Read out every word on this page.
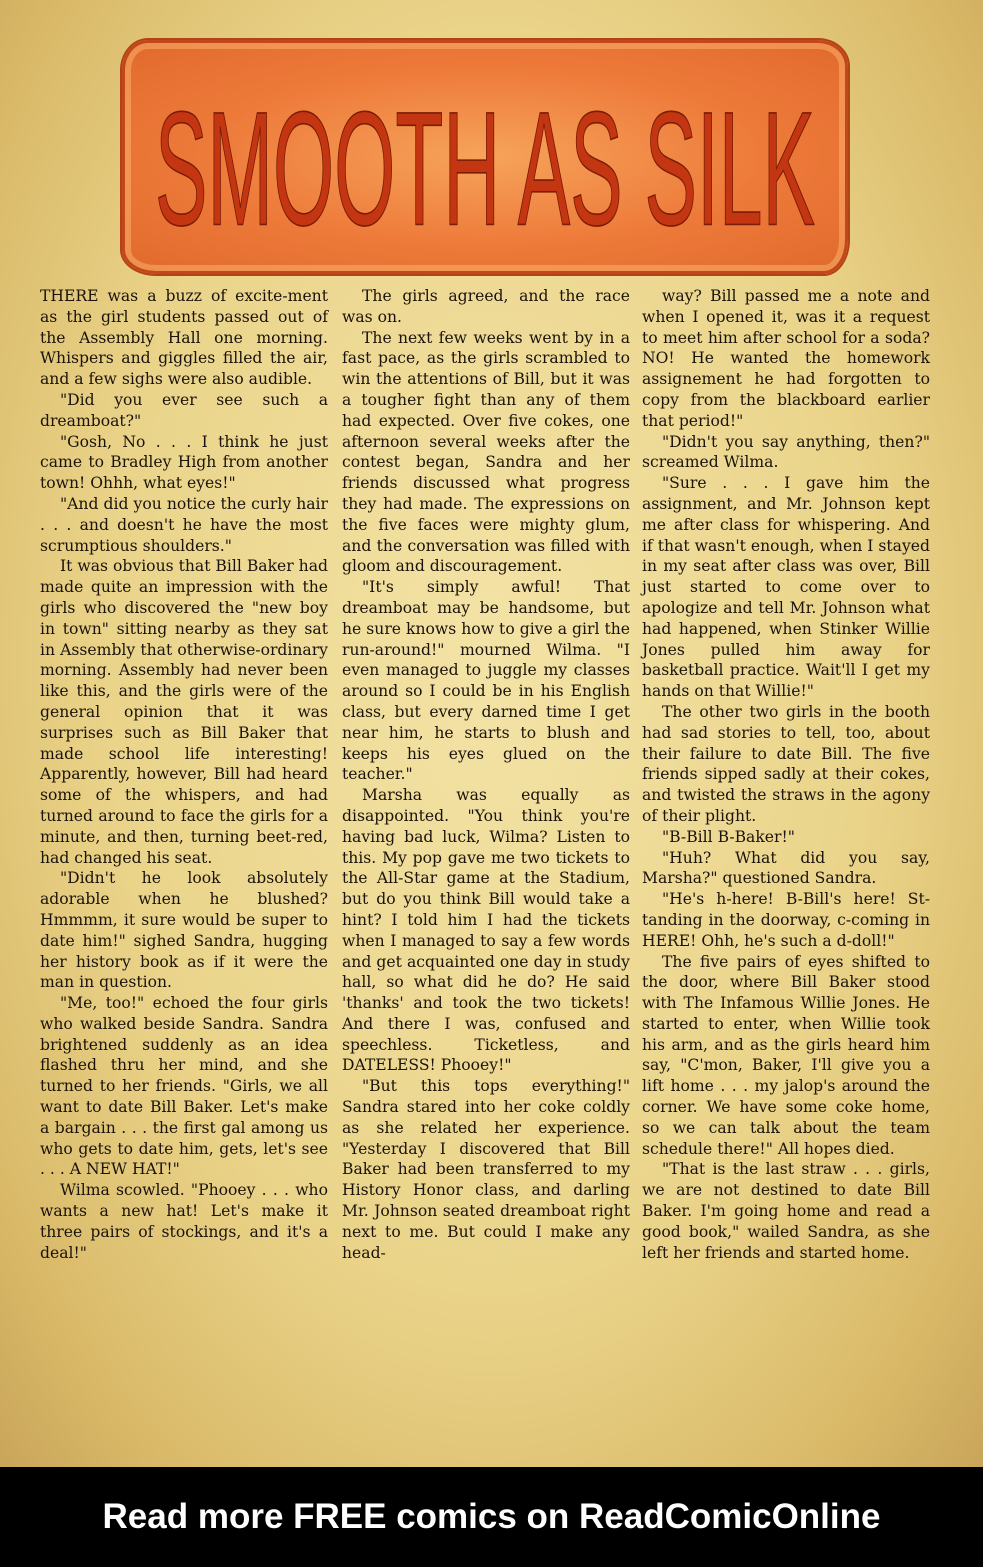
SMOOTH AS SILK

THERE was a buzz of excite-ment as the girl students passed out of the Assembly Hall one morning. Whispers and giggles filled the air, and a few sighs were also audible.

"Did you ever see such a dreamboat?"

"Gosh, No . . . I think he just came to Bradley High from another town! Ohhh, what eyes!"

"And did you notice the curly hair . . . and doesn't he have the most scrumptious shoulders."

It was obvious that Bill Baker had made quite an impression with the girls who discovered the "new boy in town" sitting nearby as they sat in Assembly that otherwise-ordinary morning. Assembly had never been like this, and the girls were of the general opinion that it was surprises such as Bill Baker that made school life interesting! Apparently, however, Bill had heard some of the whispers, and had turned around to face the girls for a minute, and then, turning beet-red, had changed his seat.

"Didn't he look absolutely adorable when he blushed? Hmmmm, it sure would be super to date him!" sighed Sandra, hugging her history book as if it were the man in question.

"Me, too!" echoed the four girls who walked beside Sandra. Sandra brightened suddenly as an idea flashed thru her mind, and she turned to her friends. "Girls, we all want to date Bill Baker. Let's make a bargain . . . the first gal among us who gets to date him, gets, let's see . . . A NEW HAT!"

Wilma scowled. "Phooey . . . who wants a new hat! Let's make it three pairs of stockings, and it's a deal!"

The girls agreed, and the race was on.

The next few weeks went by in a fast pace, as the girls scrambled to win the attentions of Bill, but it was a tougher fight than any of them had expected. Over five cokes, one afternoon several weeks after the contest began, Sandra and her friends discussed what progress they had made. The expressions on the five faces were mighty glum, and the conversation was filled with gloom and discouragement.

"It's simply awful! That dreamboat may be handsome, but he sure knows how to give a girl the run-around!" mourned Wilma. "I even managed to juggle my classes around so I could be in his English class, but every darned time I get near him, he starts to blush and keeps his eyes glued on the teacher."

Marsha was equally as disappointed. "You think you're having bad luck, Wilma? Listen to this. My pop gave me two tickets to the All-Star game at the Stadium, but do you think Bill would take a hint? I told him I had the tickets when I managed to say a few words and get acquainted one day in study hall, so what did he do? He said 'thanks' and took the two tickets! And there I was, confused and speechless. Ticketless, and DATELESS! Phooey!"

"But this tops everything!" Sandra stared into her coke coldly as she related her experience. "Yesterday I discovered that Bill Baker had been transferred to my History Honor class, and darling Mr. Johnson seated dreamboat right next to me. But could I make any head-

way? Bill passed me a note and when I opened it, was it a request to meet him after school for a soda? NO! He wanted the homework assignement he had forgotten to copy from the blackboard earlier that period!"

"Didn't you say anything, then?" screamed Wilma.

"Sure . . . I gave him the assignment, and Mr. Johnson kept me after class for whispering. And if that wasn't enough, when I stayed in my seat after class was over, Bill just started to come over to apologize and tell Mr. Johnson what had happened, when Stinker Willie Jones pulled him away for basketball practice. Wait'll I get my hands on that Willie!"

The other two girls in the booth had sad stories to tell, too, about their failure to date Bill. The five friends sipped sadly at their cokes, and twisted the straws in the agony of their plight.

"B-Bill B-Baker!"

"Huh? What did you say, Marsha?" questioned Sandra.

"He's h-here! B-Bill's here! St-tanding in the doorway, c-coming in HERE! Ohh, he's such a d-doll!"

The five pairs of eyes shifted to the door, where Bill Baker stood with The Infamous Willie Jones. He started to enter, when Willie took his arm, and as the girls heard him say, "C'mon, Baker, I'll give you a lift home . . . my jalop's around the corner. We have some coke home, so we can talk about the team schedule there!" All hopes died.

"That is the last straw . . . girls, we are not destined to date Bill Baker. I'm going home and read a good book," wailed Sandra, as she left her friends and started home.

Read more FREE comics on ReadComicOnline
